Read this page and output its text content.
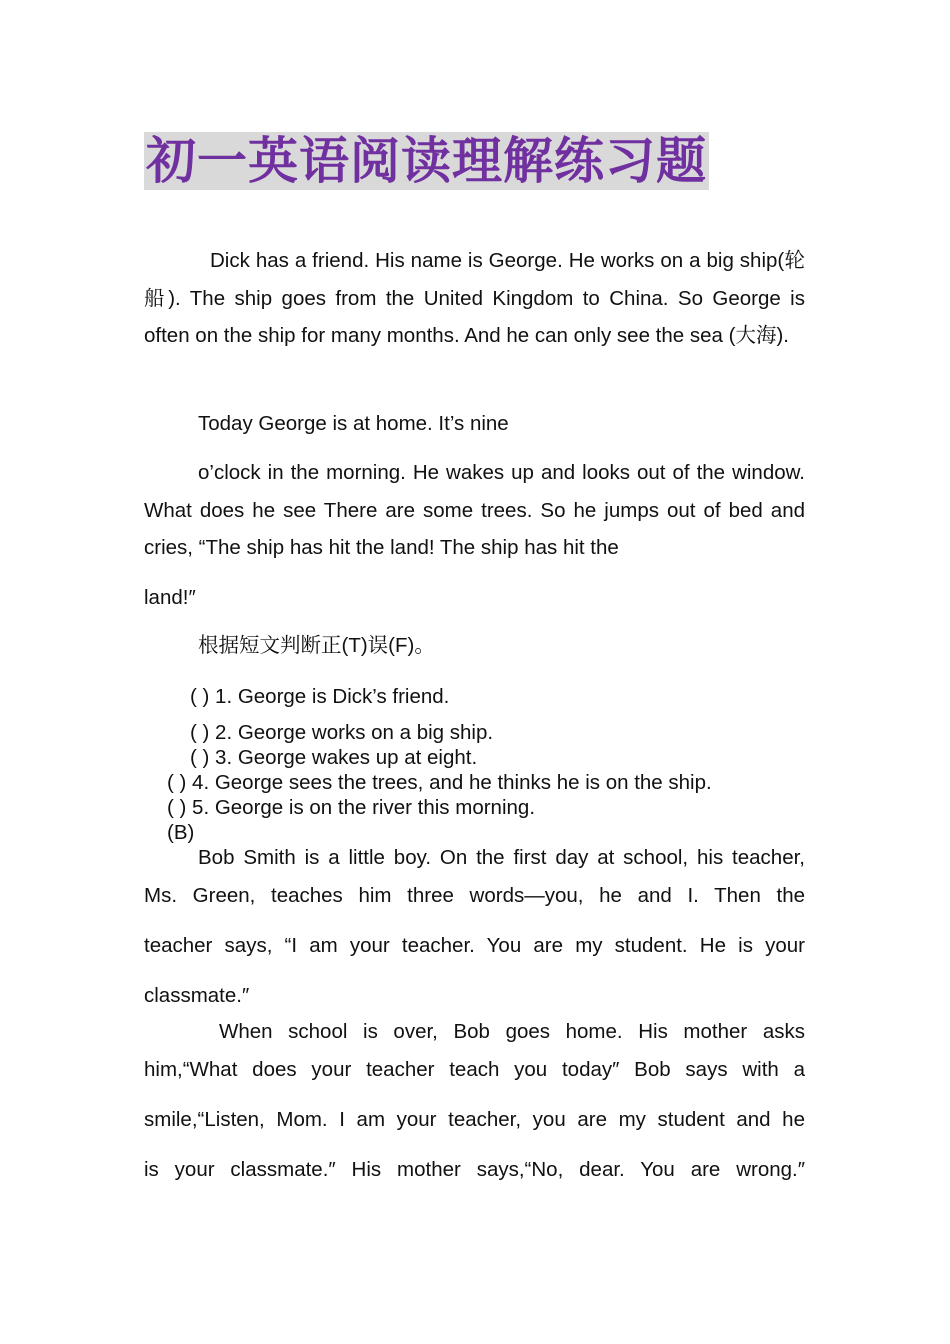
初一英语阅读理解练习题
Dick has a friend. His name is George. He works on a big ship(轮船). The ship goes from the United Kingdom to China. So George is often on the ship for many months. And he can only see the sea (大海).
Today George is at home. It’s nine
o’clock in the morning. He wakes up and looks out of the window. What does he see There are some trees. So he jumps out of bed and cries, “The ship has hit the land! The ship has hit the
land!″
根据短文判断正(T)误(F)。
( ) 1. George is Dick’s friend.
( ) 2. George works on a big ship.
( ) 3. George wakes up at eight.
( ) 4. George sees the trees, and he thinks he is on the ship.
( ) 5. George is on the river this morning.
(B)
Bob Smith is a little boy. On the first day at school, his teacher,
Ms. Green, teaches him three words—you, he and I. Then the
teacher says, “I am your teacher. You are my student. He is your
classmate.″
When school is over, Bob goes home. His mother asks
him,“What does your teacher teach you today″ Bob says with a
smile,“Listen, Mom. I am your teacher, you are my student and he
is your classmate.″ His mother says,“No, dear. You are wrong.″
